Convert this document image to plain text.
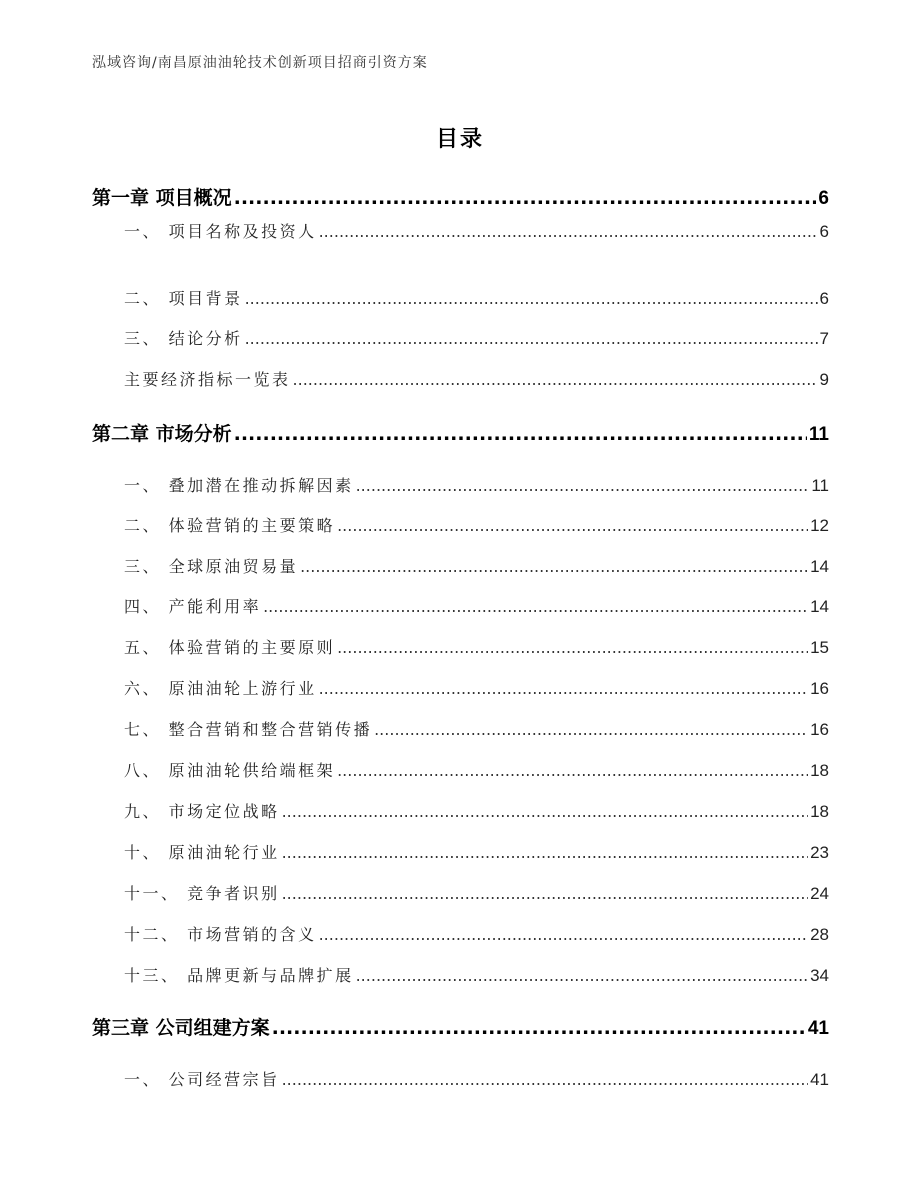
泓域咨询/南昌原油油轮技术创新项目招商引资方案
目录
第一章 项目概况 .....	6
一、 项目名称及投资人 .....	6
二、 项目背景 .....	6
三、 结论分析 .....	7
主要经济指标一览表 .....	9
第二章 市场分析 .....	11
一、 叠加潜在推动拆解因素 .....	11
二、 体验营销的主要策略 .....	12
三、 全球原油贸易量 .....	14
四、 产能利用率 .....	14
五、 体验营销的主要原则 .....	15
六、 原油油轮上游行业 .....	16
七、 整合营销和整合营销传播 .....	16
八、 原油油轮供给端框架 .....	18
九、 市场定位战略 .....	18
十、 原油油轮行业 .....	23
十一、 竞争者识别 .....	24
十二、 市场营销的含义 .....	28
十三、 品牌更新与品牌扩展 .....	34
第三章 公司组建方案 .....	41
一、 公司经营宗旨 .....	41
